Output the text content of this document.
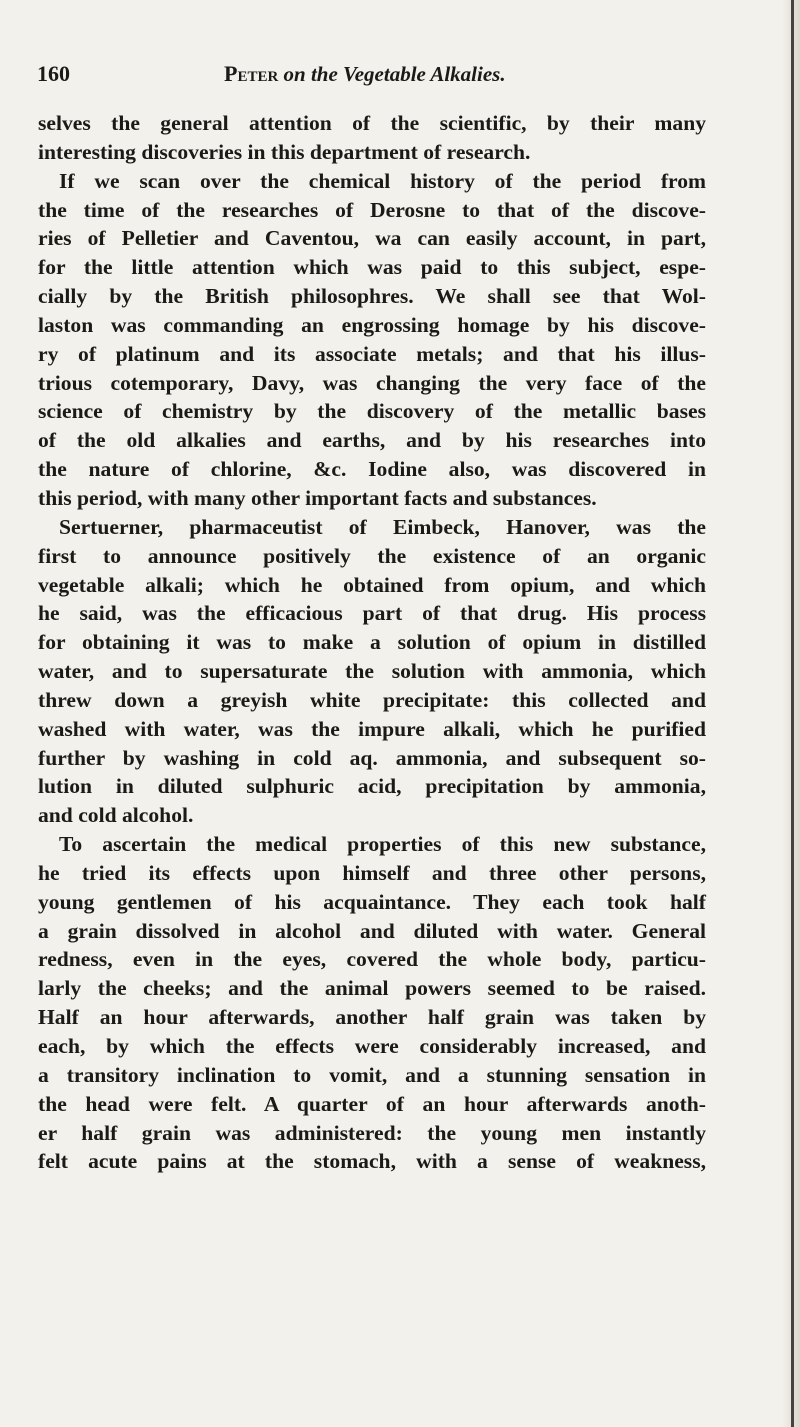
160	Peter on the Vegetable Alkalies.
selves the general attention of the scientific, by their many
interesting discoveries in this department of research.
If we scan over the chemical history of the period from
the time of the researches of Derosne to that of the discove-
ries of Pelletier and Caventou, wa can easily account, in part,
for the little attention which was paid to this subject, espe-
cially by the British philosophres. We shall see that Wol-
laston was commanding an engrossing homage by his discove-
ry of platinum and its associate metals; and that his illus-
trious cotemporary, Davy, was changing the very face of the
science of chemistry by the discovery of the metallic bases
of the old alkalies and earths, and by his researches into
the nature of chlorine, &c. Iodine also, was discovered in
this period, with many other important facts and substances.
Sertuerner, pharmaceutist of Eimbeck, Hanover, was the
first to announce positively the existence of an organic
vegetable alkali; which he obtained from opium, and which
he said, was the efficacious part of that drug. His process
for obtaining it was to make a solution of opium in distilled
water, and to supersaturate the solution with ammonia, which
threw down a greyish white precipitate: this collected and
washed with water, was the impure alkali, which he purified
further by washing in cold aq. ammonia, and subsequent so-
lution in diluted sulphuric acid, precipitation by ammonia,
and cold alcohol.
To ascertain the medical properties of this new substance,
he tried its effects upon himself and three other persons,
young gentlemen of his acquaintance. They each took half
a grain dissolved in alcohol and diluted with water. General
redness, even in the eyes, covered the whole body, particu-
larly the cheeks; and the animal powers seemed to be raised.
Half an hour afterwards, another half grain was taken by
each, by which the effects were considerably increased, and
a transitory inclination to vomit, and a stunning sensation in
the head were felt. A quarter of an hour afterwards anoth-
er half grain was administered: the young men instantly
felt acute pains at the stomach, with a sense of weakness,
